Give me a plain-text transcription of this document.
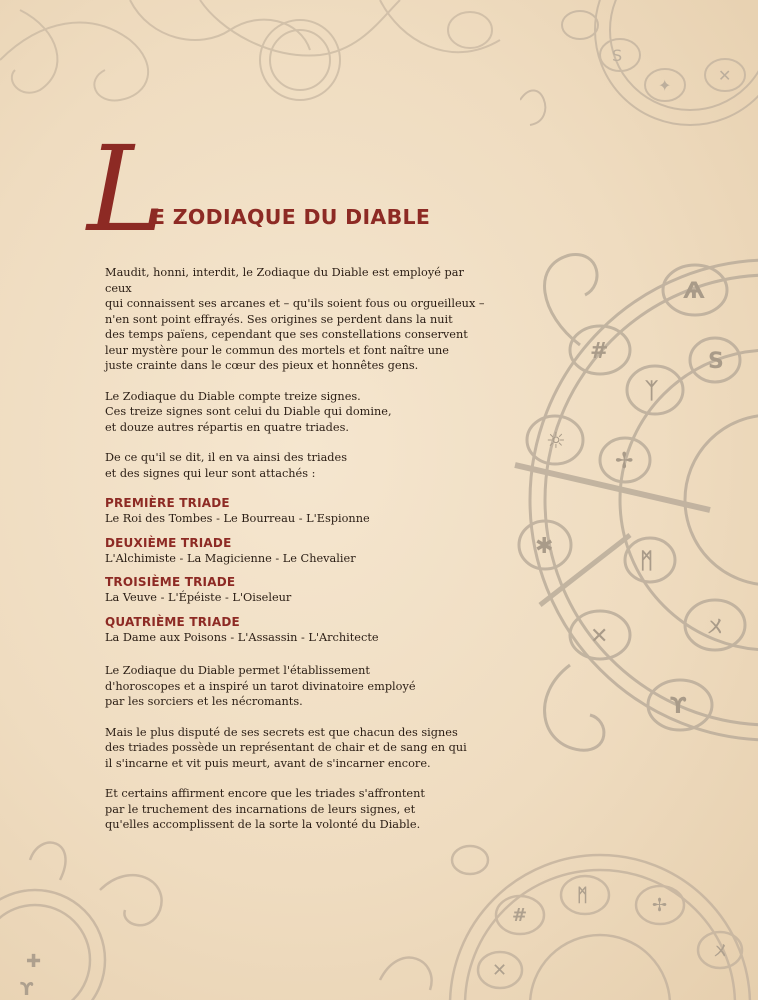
S
✦
✕
#
Ѧ
☼
✱
✕
ϒ
ㄨ
ᛉ
✢
ᛗ
S
✚
ϒ
#
ᛗ	✢
✕
ㄨ
L
E ZODIAQUE DU DIABLE

Maudit, honni, interdit, le Zodiaque du Diable est employé par ceux
qui connaissent ses arcanes et – qu'ils soient fous ou orgueilleux –
n'en sont point effrayés. Ses origines se perdent dans la nuit
des temps païens, cependant que ses constellations conservent
leur mystère pour le commun des mortels et font naître une
juste crainte dans le cœur des pieux et honnêtes gens.

Le Zodiaque du Diable compte treize signes.
Ces treize signes sont celui du Diable qui domine,
et douze autres répartis en quatre triades.

De ce qu'il se dit, il en va ainsi des triades
et des signes qui leur sont attachés :

PREMIÈRE TRIADE
Le Roi des Tombes - Le Bourreau - L'Espionne
DEUXIÈME TRIADE
L'Alchimiste - La Magicienne - Le Chevalier
TROISIÈME TRIADE
La Veuve - L'Épéiste - L'Oiseleur
QUATRIÈME TRIADE
La Dame aux Poisons - L'Assassin - L'Architecte

Le Zodiaque du Diable permet l'établissement
d'horoscopes et a inspiré un tarot divinatoire employé
par les sorciers et les nécromants.

Mais le plus disputé de ses secrets est que chacun des signes
des triades possède un représentant de chair et de sang en qui
il s'incarne et vit puis meurt, avant de s'incarner encore.

Et certains affirment encore que les triades s'affrontent
par le truchement des incarnations de leurs signes, et
qu'elles accomplissent de la sorte la volonté du Diable.
